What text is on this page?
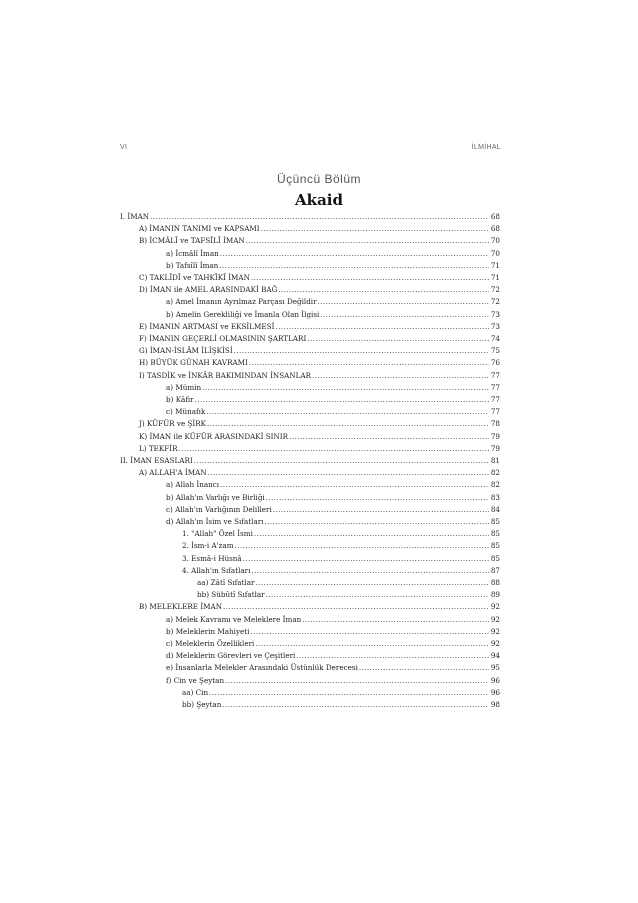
VI	İLMİHAL
Üçüncü Bölüm
Akaid
I. İMAN .....	68
A) İMANIN TANIMI ve KAPSAMI .....	68
B) İCMÂLÎ ve TAFSÎLÎ İMAN .....	70
a) İcmâlî İman .....	70
b) Tafsîlî İman .....	71
C) TAKLÎDÎ ve TAHKÎKÎ İMAN .....	71
D) İMAN ile AMEL ARASINDAKİ BAĞ .....	72
a) Amel İmanın Ayrılmaz Parçası Değildir .....	72
b) Amelin Gerekliliği ve İmanla Olan İlgisi .....	73
E) İMANIN ARTMASI ve EKSİLMESİ .....	73
F) İMANIN GEÇERLİ OLMASININ ŞARTLARI .....	74
G) İMAN-İSLÂM İLİŞKİSİ .....	75
H) BÜYÜK GÜNAH KAVRAMI .....	76
I) TASDİK ve İNKÂR BAKIMINDAN İNSANLAR .....	77
a) Mümin .....	77
b) Kâfir .....	77
c) Münafık .....	77
J) KÜFÜR ve ŞİRK .....	78
K) İMAN ile KÜFÜR ARASINDAKİ SINIR .....	79
L) TEKFİR .....	79
II. İMAN ESASLARI .....	81
A) ALLAH'A İMAN .....	82
a) Allah İnancı .....	82
b) Allah'ın Varlığı ve Birliği .....	83
c) Allah'ın Varlığının Delilleri .....	84
d) Allah'ın İsim ve Sıfatları .....	85
1. "Allah" Özel İsmi .....	85
2. İsm-i A'zam .....	85
3. Esmâ-i Hüsnâ .....	85
4. Allah'ın Sıfatları .....	87
aa) Zâtî Sıfatlar .....	88
bb) Sübûtî Sıfatlar .....	89
B) MELEKLERE İMAN .....	92
a) Melek Kavramı ve Meleklere İman .....	92
b) Meleklerin Mahiyeti .....	92
c) Meleklerin Özellikleri .....	92
d) Meleklerin Görevleri ve Çeşitleri .....	94
e) İnsanlarla Melekler Arasındaki Üstünlük Derecesi .....	95
f) Cin ve Şeytan .....	96
aa) Cin .....	96
bb) Şeytan .....	98
